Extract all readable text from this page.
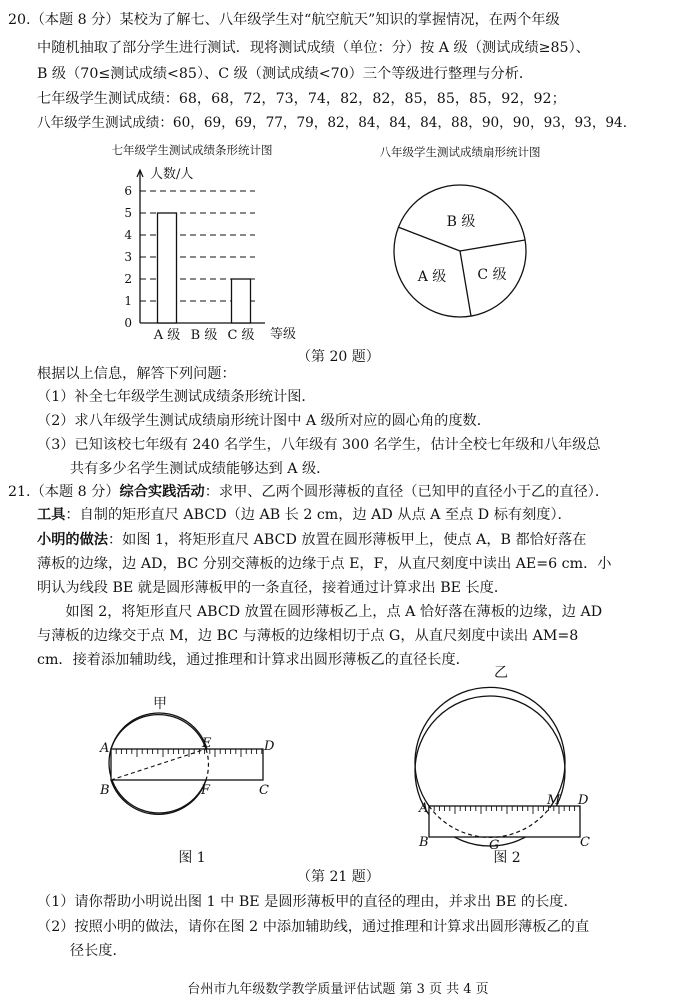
20.（本题 8 分）某校为了解七、八年级学生对“航空航天”知识的掌握情况，在两个年级
中随机抽取了部分学生进行测试．现将测试成绩（单位：分）按 A 级（测试成绩≥85）、
B 级（70≤测试成绩<85）、C 级（测试成绩<70）三个等级进行整理与分析．
七年级学生测试成绩：68，68，72，73，74，82，82，85，85，85，92，92；
八年级学生测试成绩：60，69，69，77，79，82，84，84，84，88，90，90，93，93，94．
七年级学生测试成绩条形统计图
人数/人
等级
0
1
2
3
4
5
6
A 级 B 级 C 级
八年级学生测试成绩扇形统计图
B 级
A 级 C 级
（第 20 题）
根据以上信息，解答下列问题：
（1）补全七年级学生测试成绩条形统计图．
（2）求八年级学生测试成绩扇形统计图中 A 级所对应的圆心角的度数．
（3）已知该校七年级有 240 名学生，八年级有 300 名学生，估计全校七年级和八年级总
　　 共有多少名学生测试成绩能够达到 A 级．
21.（本题 8 分）综合实践活动：求甲、乙两个圆形薄板的直径（已知甲的直径小于乙的直径）．
工具：自制的矩形直尺 ABCD（边 AB 长 2 cm，边 AD 从点 A 至点 D 标有刻度）．
小明的做法：如图 1，将矩形直尺 ABCD 放置在圆形薄板甲上，使点 A，B 都恰好落在
薄板的边缘，边 AD，BC 分别交薄板的边缘于点 E，F，从直尺刻度中读出 AE=6 cm．小
明认为线段 BE 就是圆形薄板甲的一条直径，接着通过计算求出 BE 长度．
　　如图 2，将矩形直尺 ABCD 放置在圆形薄板乙上，点 A 恰好落在薄板的边缘，边 AD
与薄板的边缘交于点 M，边 BC 与薄板的边缘相切于点 G，从直尺刻度中读出 AM=8
cm．接着添加辅助线，通过推理和计算求出圆形薄板乙的直径长度．
甲
A	E	D
B	F	C
图 1
乙
A
M D
B	G	C
图 2
（第 21 题）
（1）请你帮助小明说出图 1 中 BE 是圆形薄板甲的直径的理由，并求出 BE 的长度．
（2）按照小明的做法，请你在图 2 中添加辅助线，通过推理和计算求出圆形薄板乙的直
　　 径长度．
台州市九年级数学教学质量评估试题 第 3 页 共 4 页
